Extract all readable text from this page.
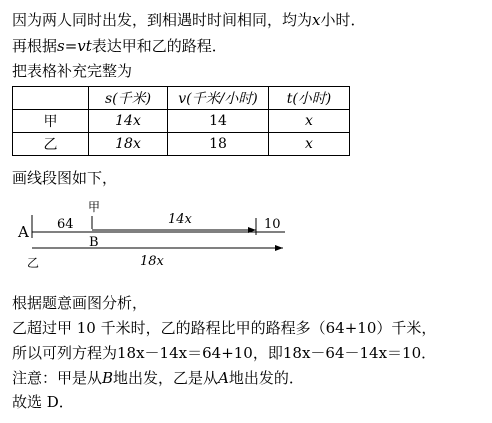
因为两人同时出发，到相遇时时间相同，均为x小时．
再根据s=vt表达甲和乙的路程．
把表格补充完整为
	s(千米)	v(千米/小时)	t(小时)
甲	14x	14	x
乙	18x	18	x
画线段图如下，
A
甲
64	14x	10
B
乙	18x
根据题意画图分析，
乙超过甲 10 千米时，乙的路程比甲的路程多（64+10）千米，
所以可列方程为18x－14x＝64+10，即18x－64－14x＝10．
注意：甲是从B地出发，乙是从A地出发的．
故选 D．
